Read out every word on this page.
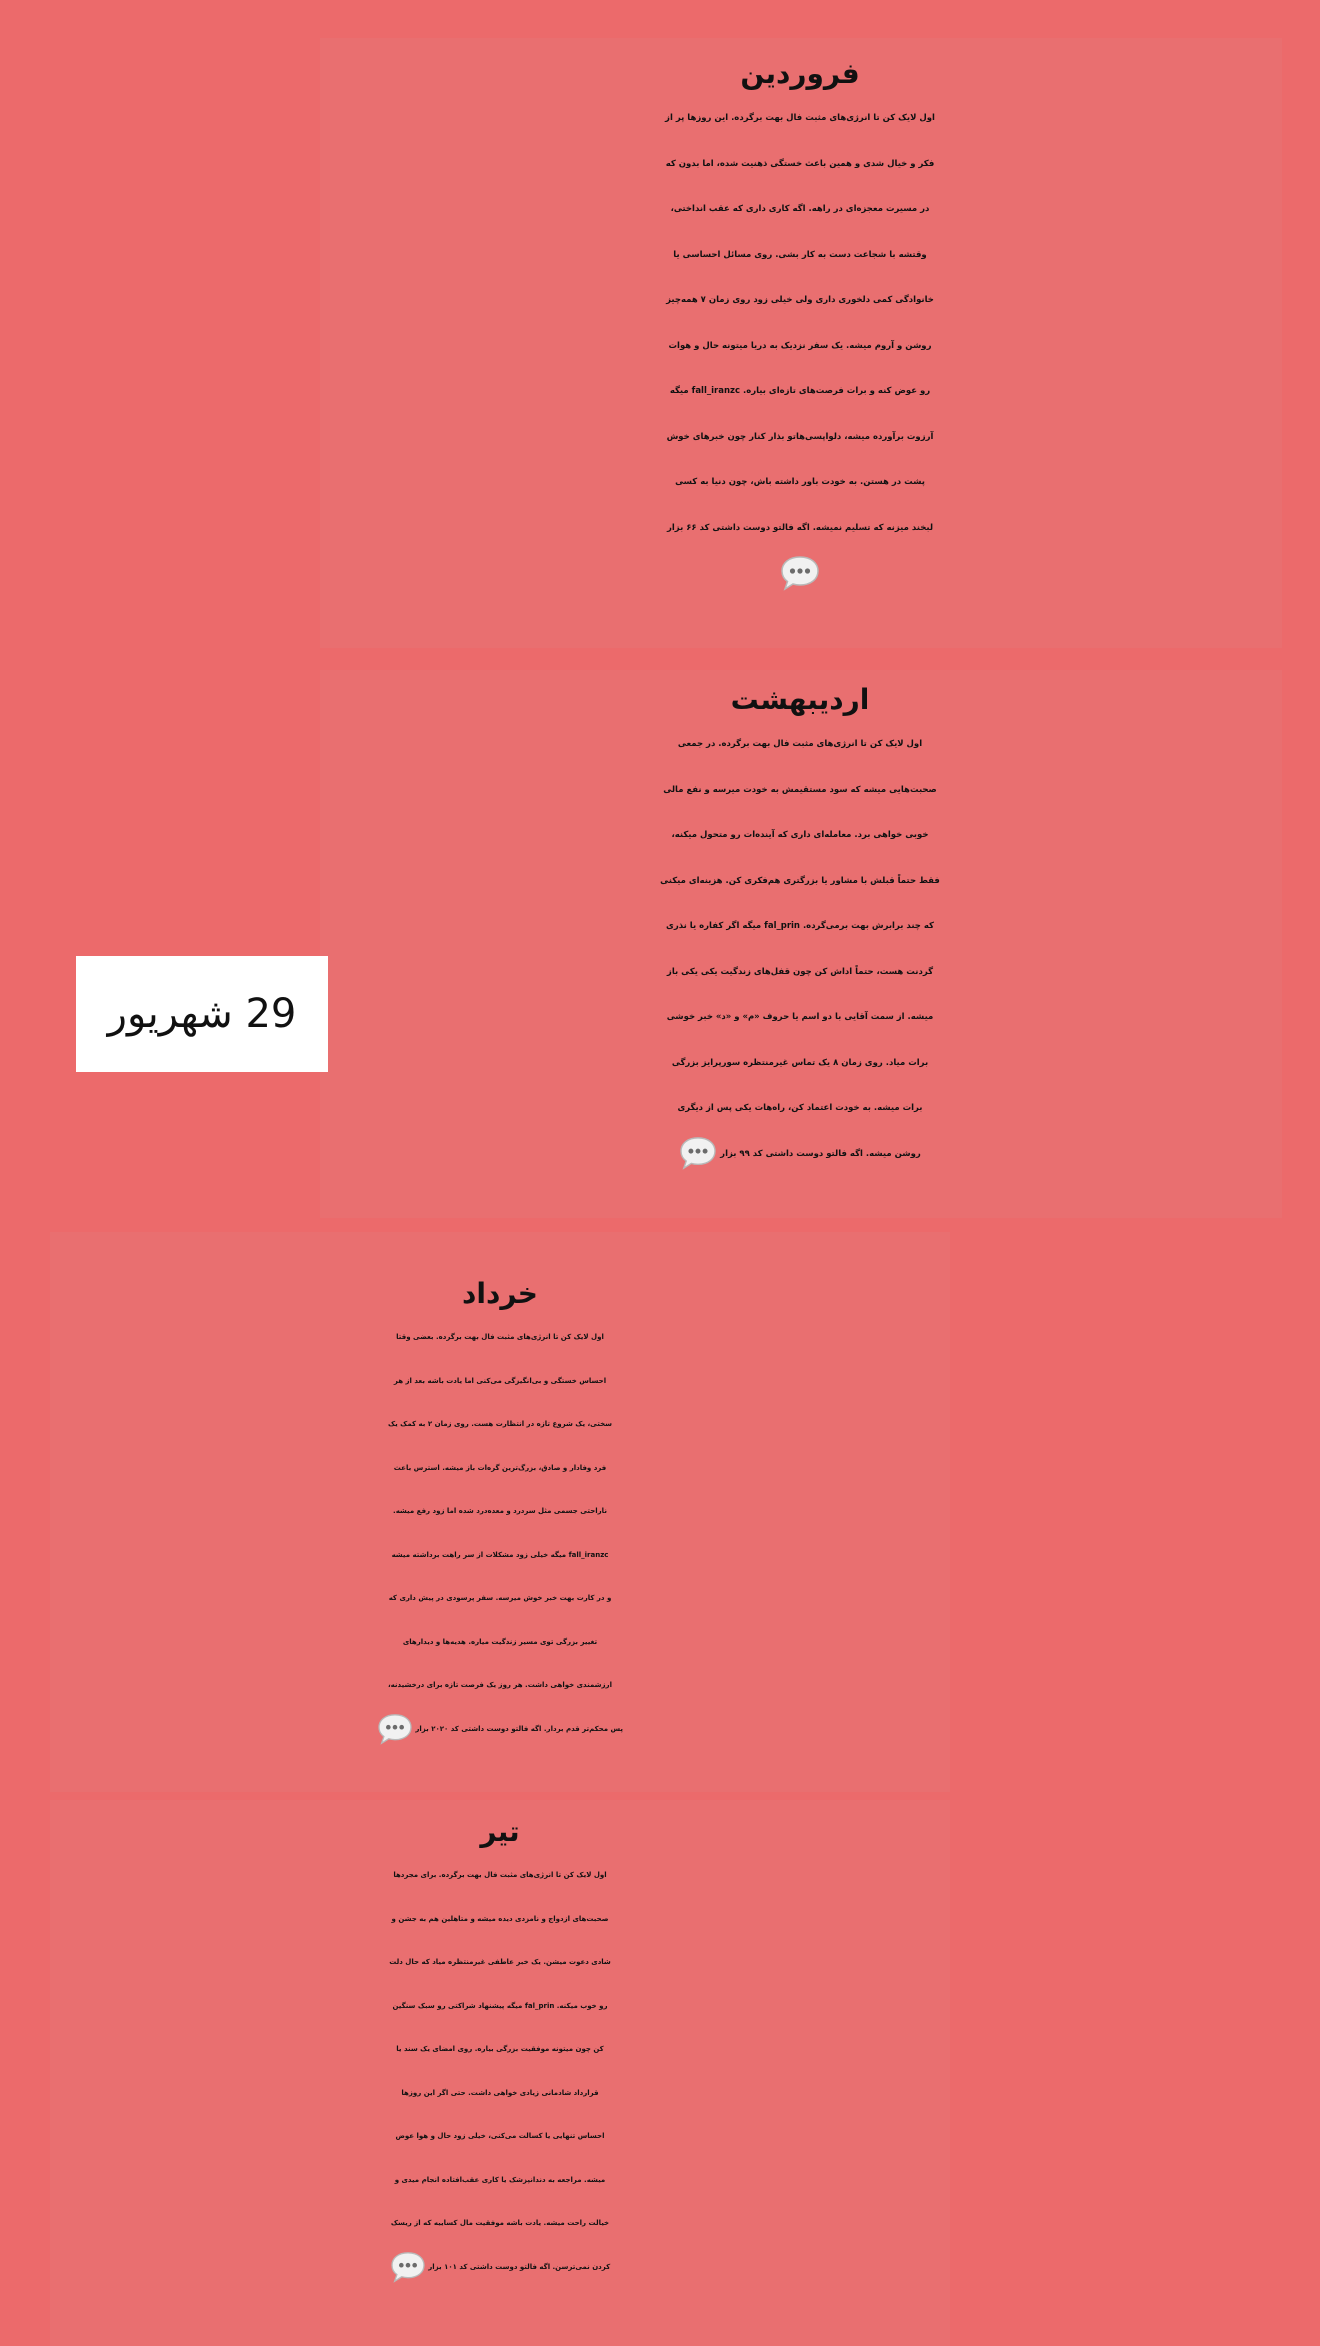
فروردین

اول لایک کن تا انرژی‌های مثبت فال بهت برگرده. این روزها پر از
فکر و خیال شدی و همین باعث خستگی ذهنیت شده، اما بدون که
در مسیرت معجزه‌ای در راهه. اگه کاری داری که عقب انداختی،
وقتشه با شجاعت دست به کار بشی. روی مسائل احساسی یا
خانوادگی کمی دلخوری داری ولی خیلی زود روی زمان ۷ همه‌چیز
روشن و آروم میشه. یک سفر نزدیک به دریا میتونه حال و هوات
رو عوض کنه و برات فرصت‌های تازه‌ای بیاره. fall_iranzc میگه
آرزوت برآورده میشه، دلواپسی‌هاتو بذار کنار چون خبرهای خوش
پشت در هستن. به خودت باور داشته باش، چون دنیا به کسی
لبخند میزنه که تسلیم نمیشه. اگه فالتو دوست داشتی کد ۶۶ بزار

اردیبهشت

اول لایک کن تا انرژی‌های مثبت فال بهت برگرده. در جمعی
صحبت‌هایی میشه که سود مستقیمش به خودت میرسه و نفع مالی
خوبی خواهی برد. معامله‌ای داری که آینده‌ات رو متحول میکنه،
فقط حتماً قبلش با مشاور یا بزرگتری هم‌فکری کن. هزینه‌ای میکنی
که چند برابرش بهت برمی‌گرده. fal_prin میگه اگر کفاره یا نذری
گردنت هست، حتماً اداش کن چون قفل‌های زندگیت یکی یکی باز
میشه. از سمت آقایی با دو اسم یا حروف «م» و «د» خبر خوشی
برات میاد. روی زمان ۸ یک تماس غیرمنتظره سورپرایز بزرگی
برات میشه. به خودت اعتماد کن، راه‌هات یکی پس از دیگری
روشن میشه. اگه فالتو دوست داشتی کد ۹۹ بزار

خرداد

اول لایک کن تا انرژی‌های مثبت فال بهت برگرده. بعضی وقتا
احساس خستگی و بی‌انگیزگی می‌کنی اما یادت باشه بعد از هر
سختی، یک شروع تازه در انتظارت هست. روی زمان ۲ به کمک یک
فرد وفادار و صادق، بزرگ‌ترین گره‌ات باز میشه. استرس باعث
ناراحتی جسمی مثل سردرد و معده‌درد شده اما زود رفع میشه.
fall_iranzc میگه خیلی زود مشکلات از سر راهت برداشته میشه
و در کارت بهت خبر خوش میرسه. سفر پرسودی در پیش داری که
تغییر بزرگی توی مسیر زندگیت میاره. هدیه‌ها و دیدارهای
ارزشمندی خواهی داشت. هر روز یک فرصت تازه برای درخشیدنه،
پس محکم‌تر قدم بردار. اگه فالتو دوست داشتی کد ۲۰۲۰ بزار

تیر

اول لایک کن تا انرژی‌های مثبت فال بهت برگرده. برای مجردها
صحبت‌های ازدواج و نامزدی دیده میشه و متاهلین هم به جشن و
شادی دعوت میشن. یک خبر عاطفی غیرمنتظره میاد که حال دلت
رو خوب میکنه. fal_prin میگه پیشنهاد شراکتی رو سبک سنگین
کن چون میتونه موفقیت بزرگی بیاره. روی امضای یک سند یا
قرارداد شادمانی زیادی خواهی داشت. حتی اگر این روزها
احساس تنهایی یا کسالت می‌کنی، خیلی زود حال و هوا عوض
میشه. مراجعه به دندانپزشک یا کاری عقب‌افتاده انجام میدی و
خیالت راحت میشه. یادت باشه موفقیت مال کساییه که از ریسک
کردن نمی‌ترسن. اگه فالتو دوست داشتی کد ۱۰۱ بزار

29 شهریور
